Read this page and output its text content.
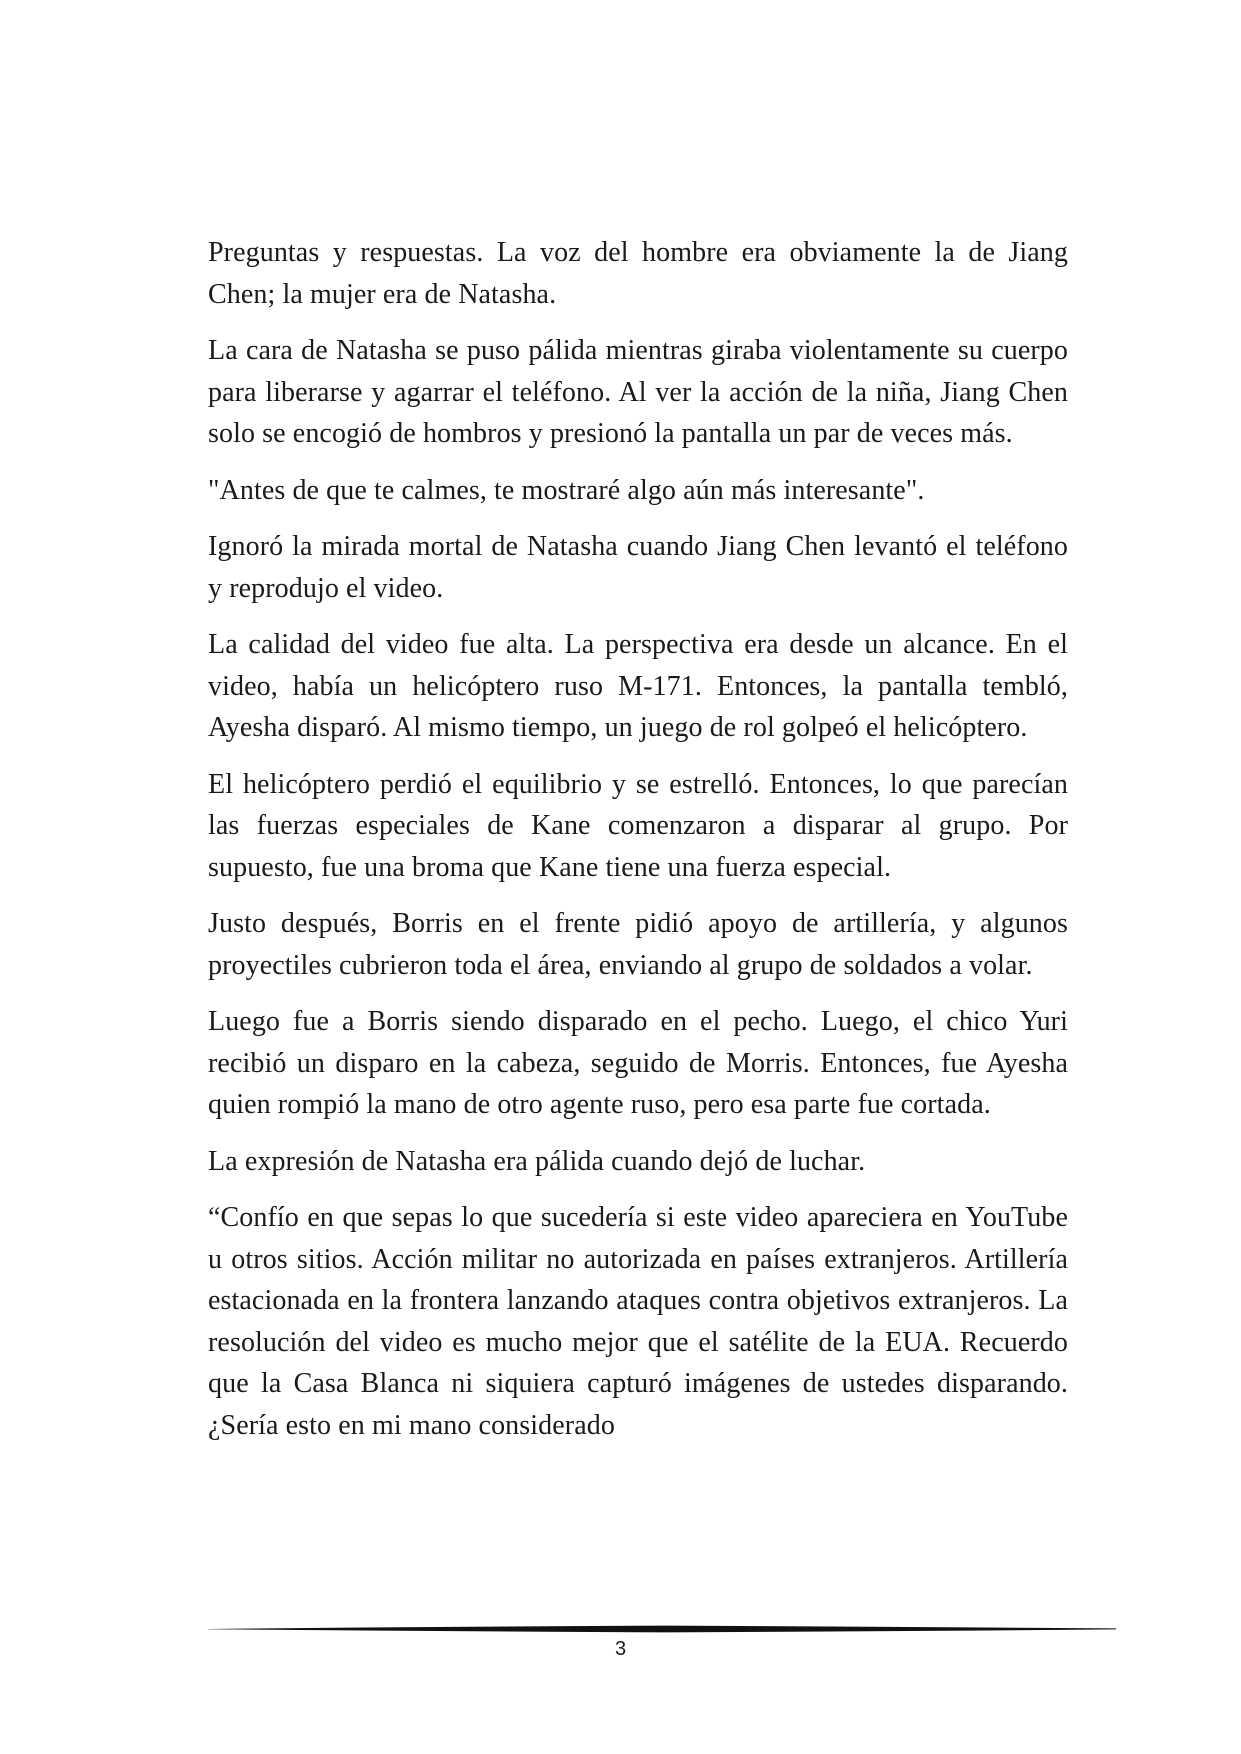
Preguntas y respuestas. La voz del hombre era obviamente la de Jiang Chen; la mujer era de Natasha.

La cara de Natasha se puso pálida mientras giraba violentamente su cuerpo para liberarse y agarrar el teléfono. Al ver la acción de la niña, Jiang Chen solo se encogió de hombros y presionó la pantalla un par de veces más.

"Antes de que te calmes, te mostraré algo aún más interesante".

Ignoró la mirada mortal de Natasha cuando Jiang Chen levantó el teléfono y reprodujo el video.

La calidad del video fue alta. La perspectiva era desde un alcance. En el video, había un helicóptero ruso M-171. Entonces, la pantalla tembló, Ayesha disparó. Al mismo tiempo, un juego de rol golpeó el helicóptero.

El helicóptero perdió el equilibrio y se estrelló. Entonces, lo que parecían las fuerzas especiales de Kane comenzaron a disparar al grupo. Por supuesto, fue una broma que Kane tiene una fuerza especial.

Justo después, Borris en el frente pidió apoyo de artillería, y algunos proyectiles cubrieron toda el área, enviando al grupo de soldados a volar.

Luego fue a Borris siendo disparado en el pecho. Luego, el chico Yuri recibió un disparo en la cabeza, seguido de Morris. Entonces, fue Ayesha quien rompió la mano de otro agente ruso, pero esa parte fue cortada.

La expresión de Natasha era pálida cuando dejó de luchar.

“Confío en que sepas lo que sucedería si este video apareciera en YouTube u otros sitios. Acción militar no autorizada en países extranjeros. Artillería estacionada en la frontera lanzando ataques contra objetivos extranjeros. La resolución del video es mucho mejor que el satélite de la EUA. Recuerdo que la Casa Blanca ni siquiera capturó imágenes de ustedes disparando. ¿Sería esto en mi mano considerado

3
